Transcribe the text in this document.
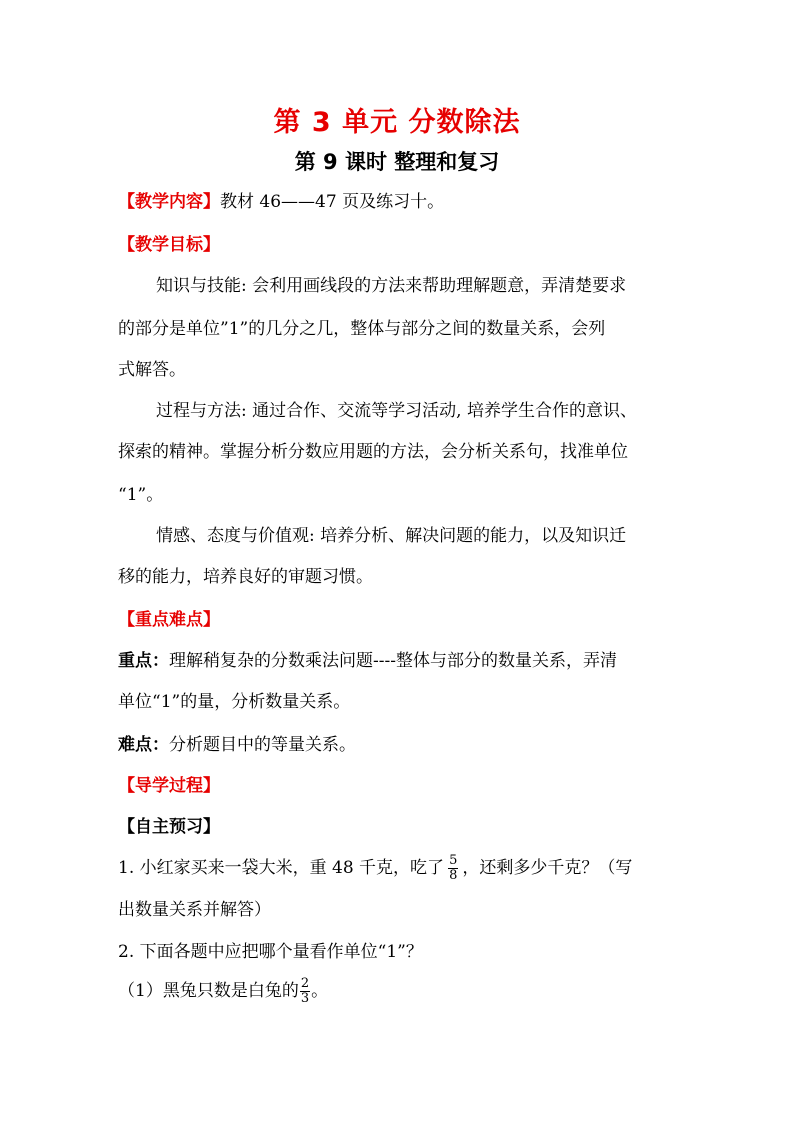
第 3 单元 分数除法
第 9 课时 整理和复习
【教学内容】教材 46——47 页及练习十。
【教学目标】
知识与技能: 会利用画线段的方法来帮助理解题意，弄清楚要求
的部分是单位”1”的几分之几，整体与部分之间的数量关系，会列
式解答。
过程与方法: 通过合作、交流等学习活动, 培养学生合作的意识、
探索的精神。掌握分析分数应用题的方法，会分析关系句，找准单位
“1”。
情感、态度与价值观: 培养分析、解决问题的能力，以及知识迁
移的能力，培养良好的审题习惯。
【重点难点】
重点：理解稍复杂的分数乘法问题----整体与部分的数量关系，弄清
单位“1”的量，分析数量关系。
难点：分析题目中的等量关系。
【导学过程】
【自主预习】
1. 小红家买来一袋大米，重 48 千克，吃了 $\frac{5}{8}$ ，还剩多少千克？（写
出数量关系并解答）
2. 下面各题中应把哪个量看作单位“1”？
（1）黑兔只数是白兔的 $\frac{2}{3}$ 。
